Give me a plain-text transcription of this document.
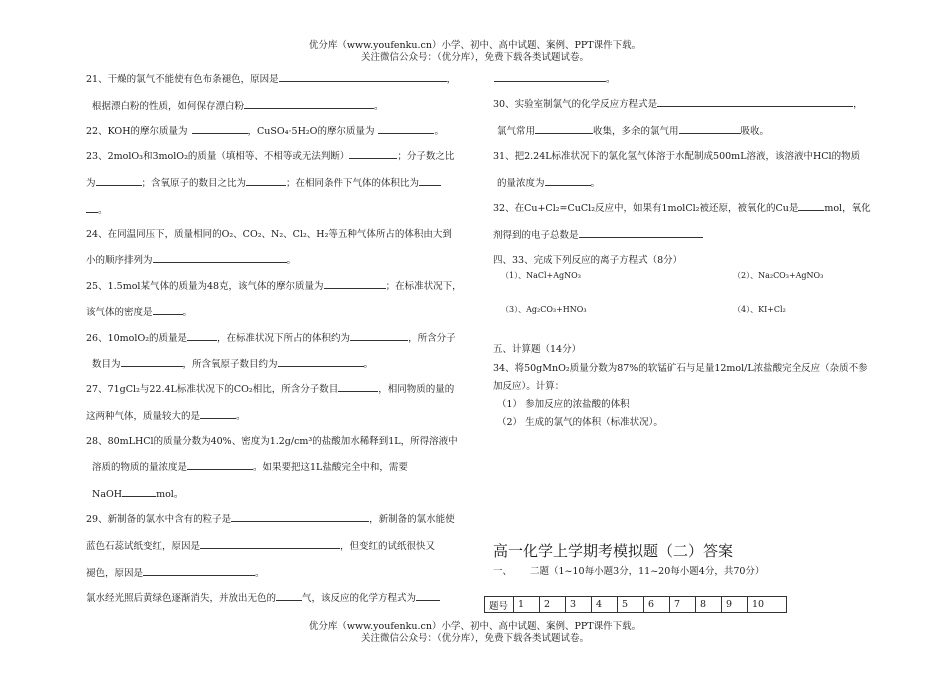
优分库（www.youfenku.cn）小学、初中、高中试题、案例、PPT课件下载。
关注微信公众号：（优分库），免费下载各类试题试卷。
21、干燥的氯气不能使有色布条褪色，原因是	，
根据漂白粉的性质，如何保存漂白粉	。
22、KOH的摩尔质量为	，CuSO₄·5H₂O的摩尔质量为	。
23、2molO₃和3molO₂的质量（填相等、不相等或无法判断）	；分子数之比
为	；含氧原子的数目之比为	；在相同条件下气体的体积比为
。
24、在同温同压下，质量相同的O₂、CO₂、N₂、Cl₂、H₂等五种气体所占的体积由大到
小的顺序排列为	。
25、1.5mol某气体的质量为48克，该气体的摩尔质量为	；在标准状况下，
该气体的密度是	。
26、10molO₂的质量是	，在标准状况下所占的体积约为	，所含分子
数目为	，所含氧原子数目约为	。
27、71gCl₂与22.4L标准状况下的CO₂相比，所含分子数目	，相同物质的量的
这两种气体，质量较大的是	。
28、80mLHCl的质量分数为40%、密度为1.2g/cm³的盐酸加水稀释到1L，所得溶液中
溶质的物质的量浓度是	。如果要把这1L盐酸完全中和，需要
NaOH	mol。
29、新制备的氯水中含有的粒子是	，新制备的氯水能使
蓝色石蕊试纸变红，原因是	，但变红的试纸很快又
褪色，原因是	。
氯水经光照后黄绿色逐渐消失，并放出无色的	气，该反应的化学方程式为
。
30、实验室制氯气的化学反应方程式是	，
氯气常用	收集，多余的氯气用	吸收。
31、把2.24L标准状况下的氯化氢气体溶于水配制成500mL溶液，该溶液中HCl的物质
的量浓度为	。
32、在Cu+Cl₂=CuCl₂反应中，如果有1molCl₂被还原，被氧化的Cu是	mol，氧化
剂得到的电子总数是
四、33、完成下列反应的离子方程式（8分）
（1）、NaCl+AgNO₃	（2）、Na₂CO₃+AgNO₃
（3）、Ag₂CO₃+HNO₃	（4）、KI+Cl₂
五、计算题（14分）
34、将50gMnO₂质量分数为87%的软锰矿石与足量12mol/L浓盐酸完全反应（杂质不参
加反应）。计算：
（1） 参加反应的浓盐酸的体积
（2） 生成的氯气的体积（标准状况）。
高一化学上学期考模拟题（二）答案
一、 二题（1~10每小题3分，11~20每小题4分，共70分）
题号	1	2	3	4	5	6	7	8	9	10
优分库（www.youfenku.cn）小学、初中、高中试题、案例、PPT课件下载。
关注微信公众号：（优分库），免费下载各类试题试卷。
